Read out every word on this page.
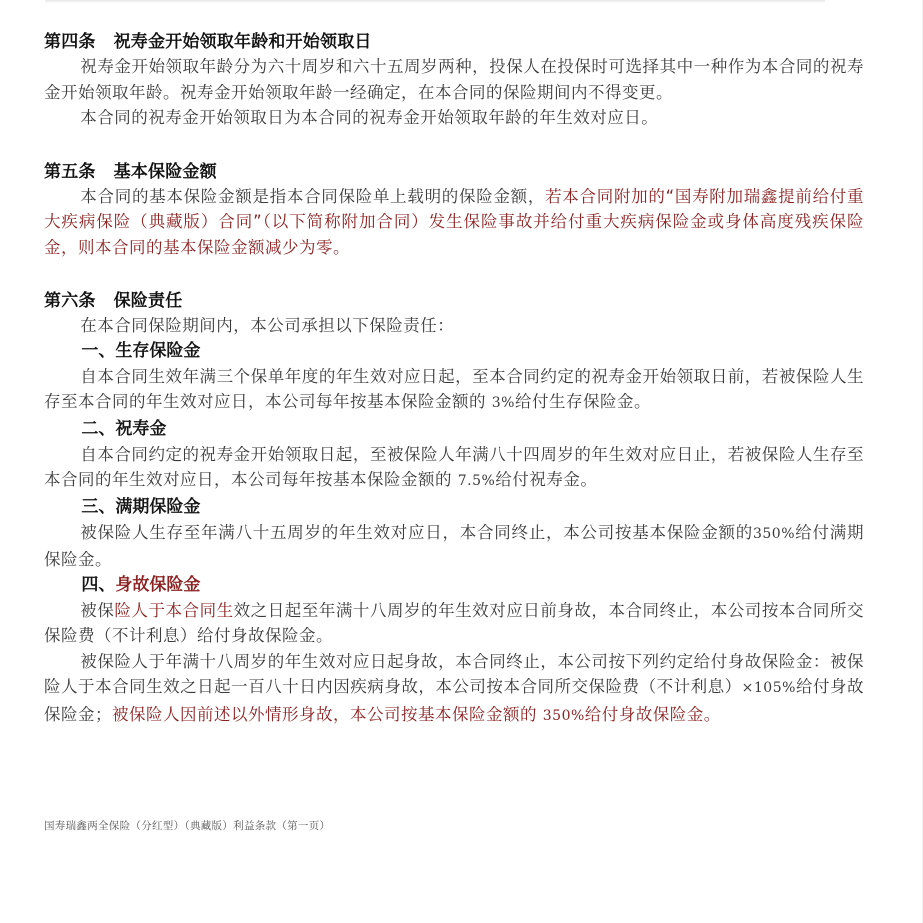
第四条 祝寿金开始领取年龄和开始领取日

祝寿金开始领取年龄分为六十周岁和六十五周岁两种，投保人在投保时可选择其中一种作为本合同的祝寿金开始领取年龄。祝寿金开始领取年龄一经确定，在本合同的保险期间内不得变更。

本合同的祝寿金开始领取日为本合同的祝寿金开始领取年龄的年生效对应日。

第五条 基本保险金额

本合同的基本保险金额是指本合同保险单上载明的保险金额，若本合同附加的“国寿附加瑞鑫提前给付重大疾病保险（典藏版）合同”（以下简称附加合同）发生保险事故并给付重大疾病保险金或身体高度残疾保险金，则本合同的基本保险金额减少为零。

第六条 保险责任

在本合同保险期间内，本公司承担以下保险责任：

一、生存保险金

自本合同生效年满三个保单年度的年生效对应日起，至本合同约定的祝寿金开始领取日前，若被保险人生存至本合同的年生效对应日，本公司每年按基本保险金额的 3%给付生存保险金。

二、祝寿金

自本合同约定的祝寿金开始领取日起，至被保险人年满八十四周岁的年生效对应日止，若被保险人生存至本合同的年生效对应日，本公司每年按基本保险金额的 7.5%给付祝寿金。

三、满期保险金

被保险人生存至年满八十五周岁的年生效对应日，本合同终止，本公司按基本保险金额的350%给付满期保险金。

四、身故保险金

被保险人于本合同生效之日起至年满十八周岁的年生效对应日前身故，本合同终止，本公司按本合同所交保险费（不计利息）给付身故保险金。

被保险人于年满十八周岁的年生效对应日起身故，本合同终止，本公司按下列约定给付身故保险金：被保险人于本合同生效之日起一百八十日内因疾病身故，本公司按本合同所交保险费（不计利息）×105%给付身故保险金；被保险人因前述以外情形身故，本公司按基本保险金额的 350%给付身故保险金。

国寿瑞鑫两全保险（分红型）（典藏版）利益条款（第一页）
